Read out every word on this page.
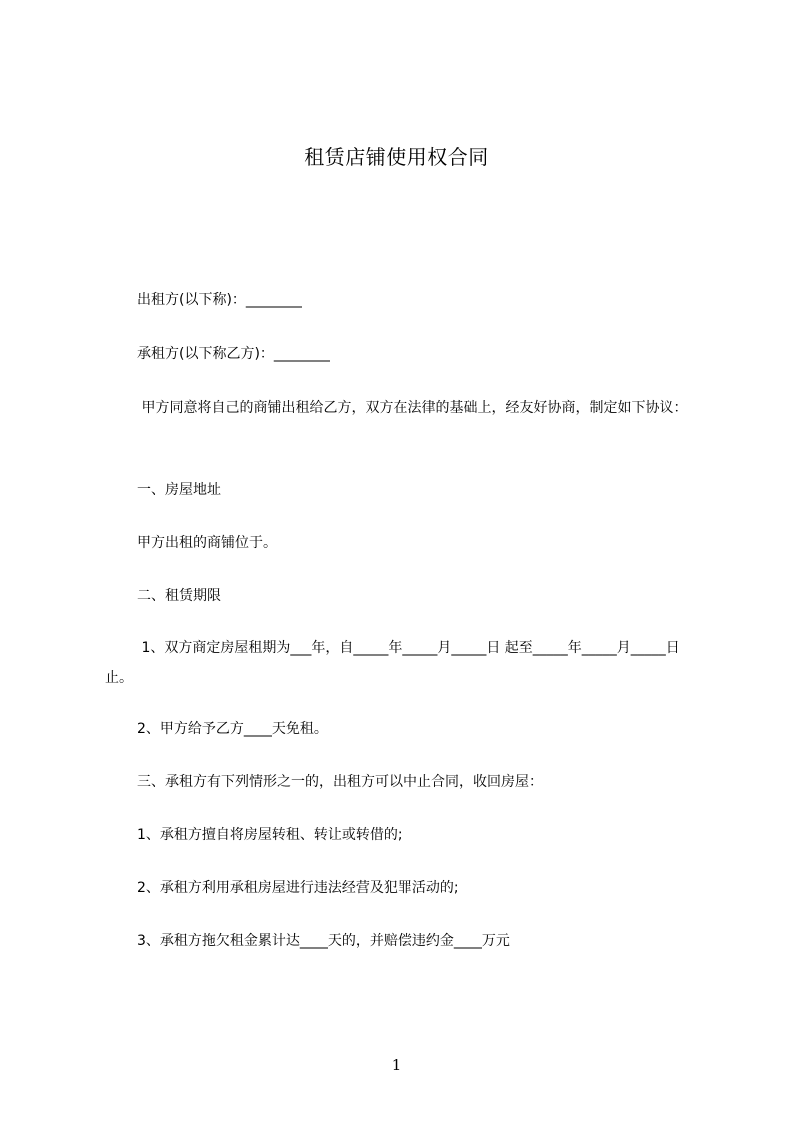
租赁店铺使用权合同

出租方(以下称)：________

承租方(以下称乙方)：________

甲方同意将自己的商铺出租给乙方，双方在法律的基础上，经友好协商，制定如下协议：

一、房屋地址

甲方出租的商铺位于。

二、租赁期限

1、双方商定房屋租期为___年，自_____年_____月_____日 起至_____年_____月_____日 止。

2、甲方给予乙方____天免租。

三、承租方有下列情形之一的，出租方可以中止合同，收回房屋：

1、承租方擅自将房屋转租、转让或转借的;

2、承租方利用承租房屋进行违法经营及犯罪活动的;

3、承租方拖欠租金累计达____天的，并赔偿违约金____万元

1
